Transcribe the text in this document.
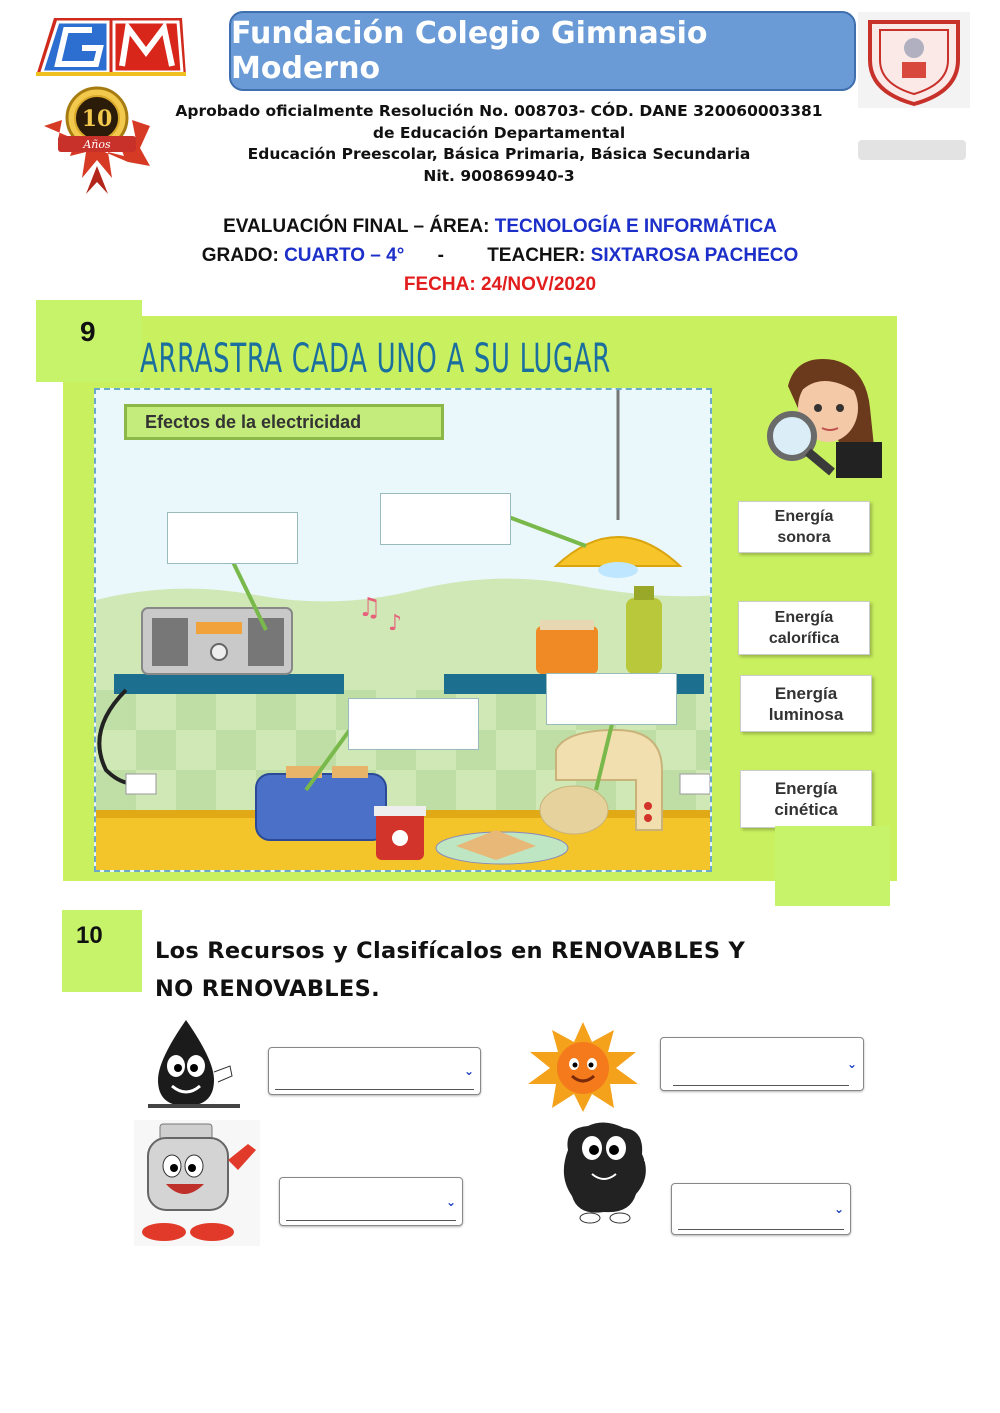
Fundación Colegio Gimnasio Moderno
10
Años
Aprobado oficialmente Resolución No. 008703- CÓD. DANE 320060003381
de Educación Departamental
Educación Preescolar, Básica Primaria, Básica Secundaria
Nit. 900869940-3
EVALUACIÓN FINAL – ÁREA: TECNOLOGÍA E INFORMÁTICA
GRADO: CUARTO – 4° - TEACHER: SIXTAROSA PACHECO
FECHA: 24/NOV/2020
9
ARRASTRA CADA UNO A SU LUGAR
♫
♪
Efectos de la electricidad
Energía
sonora
Energía
calorífica
Energía
luminosa
Energía
cinética
10
Los Recursos y Clasifícalos en RENOVABLES Y
NO RENOVABLES.
⌄	⌄
⌄
⌄
